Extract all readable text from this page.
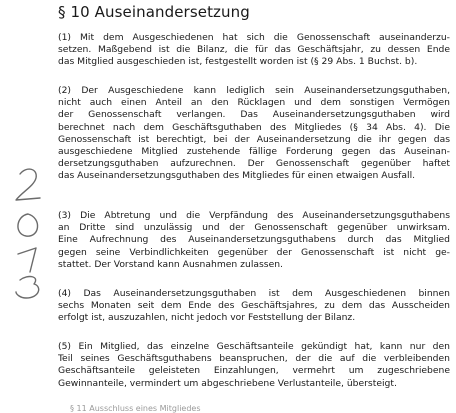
§ 10 Auseinandersetzung
(1) Mit dem Ausgeschiedenen hat sich die Genossenschaft auseinanderzu-
setzen. Maßgebend ist die Bilanz, die für das Geschäftsjahr, zu dessen Ende
das Mitglied ausgeschieden ist, festgestellt worden ist (§ 29 Abs. 1 Buchst. b).
(2) Der Ausgeschiedene kann lediglich sein Auseinandersetzungsguthaben,
nicht auch einen Anteil an den Rücklagen und dem sonstigen Vermögen
der Genossenschaft verlangen. Das Auseinandersetzungsguthaben wird
berechnet nach dem Geschäftsguthaben des Mitgliedes (§ 34 Abs. 4). Die
Genossenschaft ist berechtigt, bei der Auseinandersetzung die ihr gegen das
ausgeschiedene Mitglied zustehende fällige Forderung gegen das Auseinan-
dersetzungsguthaben aufzurechnen. Der Genossenschaft gegenüber haftet
das Auseinandersetzungsguthaben des Mitgliedes für einen etwaigen Ausfall.
(3) Die Abtretung und die Verpfändung des Auseinandersetzungsguthabens
an Dritte sind unzulässig und der Genossenschaft gegenüber unwirksam.
Eine Aufrechnung des Auseinandersetzungsguthabens durch das Mitglied
gegen seine Verbindlichkeiten gegenüber der Genossenschaft ist nicht ge-
stattet. Der Vorstand kann Ausnahmen zulassen.
(4) Das Auseinandersetzungsguthaben ist dem Ausgeschiedenen binnen
sechs Monaten seit dem Ende des Geschäftsjahres, zu dem das Ausscheiden
erfolgt ist, auszuzahlen, nicht jedoch vor Feststellung der Bilanz.
(5) Ein Mitglied, das einzelne Geschäftsanteile gekündigt hat, kann nur den
Teil seines Geschäftsguthabens beanspruchen, der die auf die verbleibenden
Geschäftsanteile geleisteten Einzahlungen, vermehrt um zugeschriebene
Gewinnanteile, vermindert um abgeschriebene Verlustanteile, übersteigt.
§ 11 Ausschluss eines Mitgliedes
